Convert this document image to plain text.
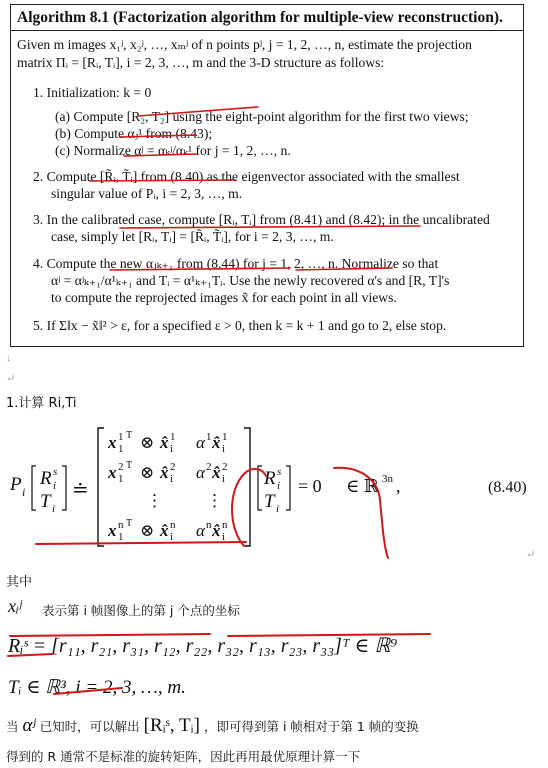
Algorithm 8.1 (Factorization algorithm for multiple-view reconstruction).
Given m images x₁ʲ, x₂ʲ, …, xₘʲ of n points pʲ, j = 1, 2, …, n, estimate the projection
matrix Πᵢ = [Rᵢ, Tᵢ], i = 2, 3, …, m and the 3-D structure as follows:
1. Initialization: k = 0
(a) Compute [R₂, T₂] using the eight-point algorithm for the first two views;
(b) Compute αⱼ¹ from (8.43);
(c) Normalize αʲ = αₖʲ/αₖ¹ for j = 1, 2, …, n.
2. Compute [R̃ᵢ, T̃ᵢ] from (8.40) as the eigenvector associated with the smallest
singular value of Pᵢ, i = 2, 3, …, m.
3. In the calibrated case, compute [Rᵢ, Tᵢ] from (8.41) and (8.42); in the uncalibrated
case, simply let [Rᵢ, Tᵢ] = [R̃ᵢ, T̃ᵢ], for i = 2, 3, …, m.
4. Compute the new αⱼₖ₊₁ from (8.44) for j = 1, 2, …, n. Normalize so that
αʲ = αʲₖ₊₁/α¹ₖ₊₁ and Tᵢ = α¹ₖ₊₁Tᵢ. Use the newly recovered α's and [R, T]'s
to compute the reprojected images x̃ for each point in all views.
5. If Σ‖x − x̃‖² > ε, for a specified ε > 0, then k = k + 1 and go to 2, else stop.
↓
↵
1.计算 Ri,Ti
P i
R s
i
T i
≐
x 1
1 T ⊗ x̂ i
1 α 1 x̂ i
1
x 1
2 T ⊗ x̂ i
2 α 2 x̂ i
2
⋮	⋮
x 1
n T ⊗ x̂ i
n α n x̂ i
n
R s
i
T i
= 0 ∈ ℝ 3n ,	(8.40)
↵
其中
xᵢʲ 表示第 i 帧图像上的第 j 个点的坐标
Rᵢˢ = [r₁₁, r₂₁, r₃₁, r₁₂, r₂₂, r₃₂, r₁₃, r₂₃, r₃₃]ᵀ ∈ ℝ⁹
Tᵢ ∈ ℝ³, i = 2, 3, …, m.
当 αʲ 已知时，可以解出 [Rᵢˢ, Tᵢ] ，即可得到第 i 帧相对于第 1 帧的变换
得到的 R 通常不是标准的旋转矩阵，因此再用最优原理计算一下
